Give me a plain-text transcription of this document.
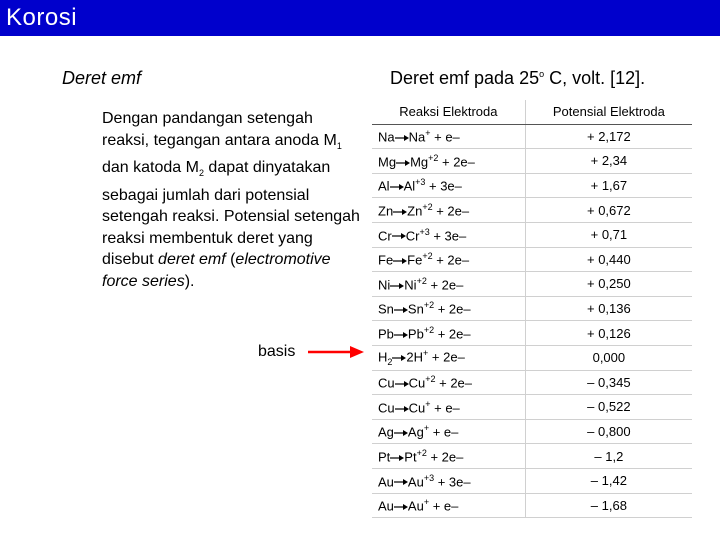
Korosi
Deret emf
Dengan pandangan setengah reaksi, tegangan antara anoda $M_1$ dan katoda $M_2$ dapat dinyatakan sebagai jumlah dari potensial setengah reaksi. Potensial setengah reaksi membentuk deret yang disebut deret emf (electromotive force series).
basis
Deret emf pada 25$^o$ C, volt. [12].
Reaksi Elektroda	Potensial Elektroda
Na Na+ + e–	+ 2,172
Mg $Mg^{+2} + 2e-$	+ 2,34
Al $Al^{+3} + 3e-$	+ 1,67
Zn $Zn^{+2} + 2e-$	+ 0,672
Cr $Cr^{+3} + 3e-$	+ 0,71
Fe $Fe^{+2} + 2e-$	+ 0,440
Ni $Ni^{+2} + 2e-$	+ 0,250
Sn $Sn^{+2} + 2e-$	+ 0,136
Pb $Pb^{+2} + 2e-$	+ 0,126
$H_2$ 2H+ + 2e–	0,000
Cu $Cu^{+2} + 2e-$	– 0,345
Cu Cu+ + e–	– 0,522
Ag Ag+ + e–	– 0,800
Pt $Pt^{+2} + 2e-$	– 1,2
Au $Au^{+3} + 3e-$	– 1,42
Au Au+ + e–	– 1,68
